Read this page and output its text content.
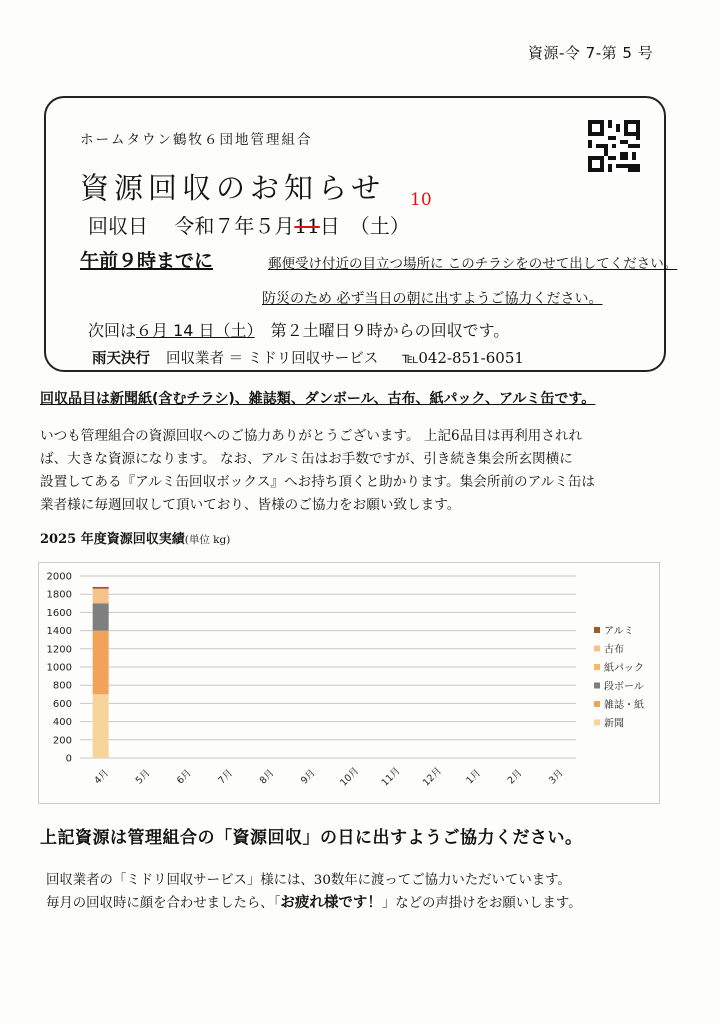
資源-令 7-第 5 号
ホームタウン鶴牧６団地管理組合
資源回収のお知らせ
回収日　 令和７年５月11日　（土）
10
午前９時までに	郵便受け付近の目立つ場所に このチラシをのせて出してください。
防災のため 必ず当日の朝に出すようご協力ください。
次回は６月 14 日（土）　第２土曜日９時からの回収です。
雨天決行 回収業者 ＝ ミドリ回収サービス ℡042-851-6051
回収品目は新聞紙(含むチラシ)、雑誌類、ダンボール、古布、紙パック、アルミ缶です。

いつも管理組合の資源回収へのご協力ありがとうございます。 上記6品目は再利用されれ

ば、大きな資源になります。 なお、アルミ缶はお手数ですが、引き続き集会所玄関横に

設置してある『アルミ缶回収ボックス』へお持ち頂くと助かります。集会所前のアルミ缶は

業者様に毎週回収して頂いており、皆様のご協力をお願い致します。

2025 年度資源回収実績(単位 kg)
0
200
400
600
800
1000
1200
1400
1600
1800
2000
4月 5月 6月 7月 8月 9月 10月 11月 12月 1月 2月 3月
アルミ
古布
紙パック
段ボール
雑誌・紙
新聞
上記資源は管理組合の「資源回収」の日に出すようご協力ください。

回収業者の「ミドリ回収サービス」様には、30数年に渡ってご協力いただいています。

毎月の回収時に顔を合わせましたら、「お疲れ様です！」などの声掛けをお願いします。
